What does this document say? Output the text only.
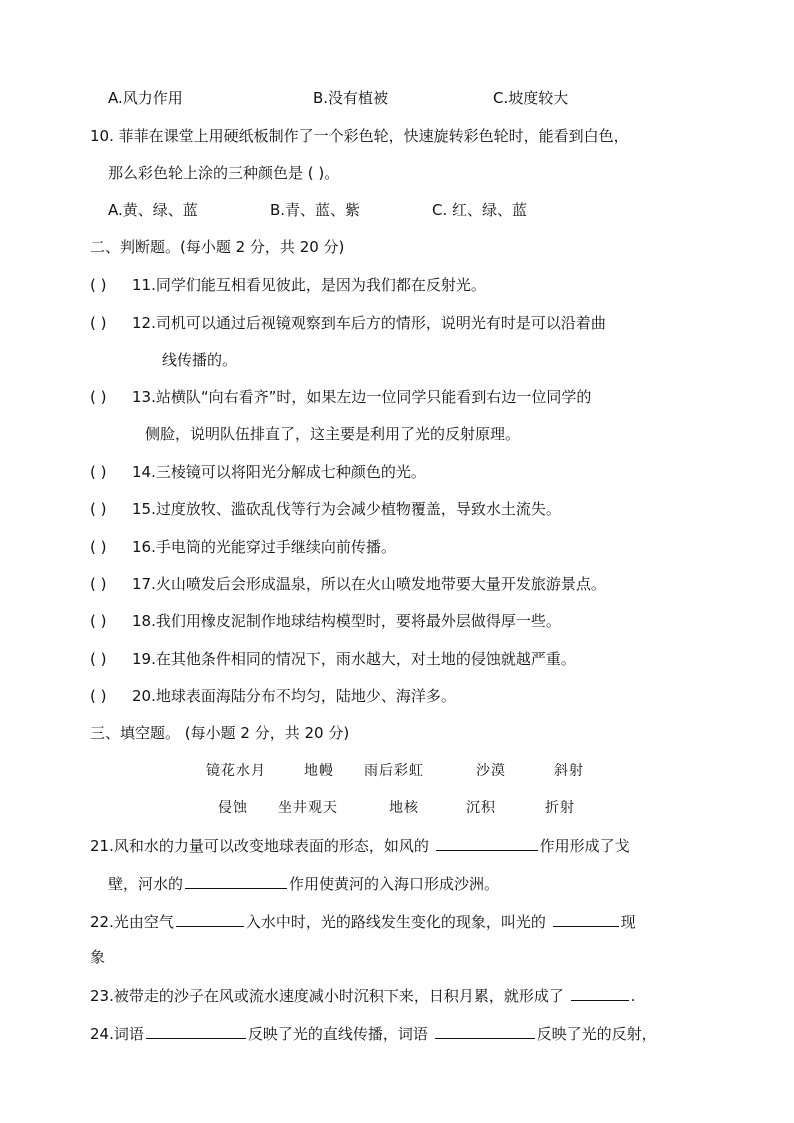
A.风力作用	B.没有植被	C.坡度较大
10. 菲菲在课堂上用硬纸板制作了一个彩色轮，快速旋转彩色轮时，能看到白色，
那么彩色轮上涂的三种颜色是 ( )。
A.黄、绿、蓝	B.青、蓝、紫	C. 红、绿、蓝
二、判断题。(每小题 2 分，共 20 分)
( ) 11.同学们能互相看见彼此，是因为我们都在反射光。
( ) 12.司机可以通过后视镜观察到车后方的情形，说明光有时是可以沿着曲
线传播的。
( ) 13.站横队“向右看齐”时，如果左边一位同学只能看到右边一位同学的
侧脸，说明队伍排直了，这主要是利用了光的反射原理。
( ) 14.三棱镜可以将阳光分解成七种颜色的光。
( ) 15.过度放牧、滥砍乱伐等行为会减少植物覆盖，导致水土流失。
( ) 16.手电筒的光能穿过手继续向前传播。
( ) 17.火山喷发后会形成温泉，所以在火山喷发地带要大量开发旅游景点。
( ) 18.我们用橡皮泥制作地球结构模型时，要将最外层做得厚一些。
( ) 19.在其他条件相同的情况下，雨水越大，对土地的侵蚀就越严重。
( ) 20.地球表面海陆分布不均匀，陆地少、海洋多。
三、填空题。 (每小题 2 分，共 20 分)
镜花水月	地幔 雨后彩虹	沙漠	斜射
侵蚀 坐井观天	地核	沉积	折射
21.风和水的力量可以改变地球表面的形态，如风的	作用形成了戈
壁，河水的	作用使黄河的入海口形成沙洲。
22.光由空气	入水中时，光的路线发生变化的现象，叫光的	现
象
23.被带走的沙子在风或流水速度减小时沉积下来，日积月累，就形成了	.
24.词语	反映了光的直线传播，词语	反映了光的反射，
